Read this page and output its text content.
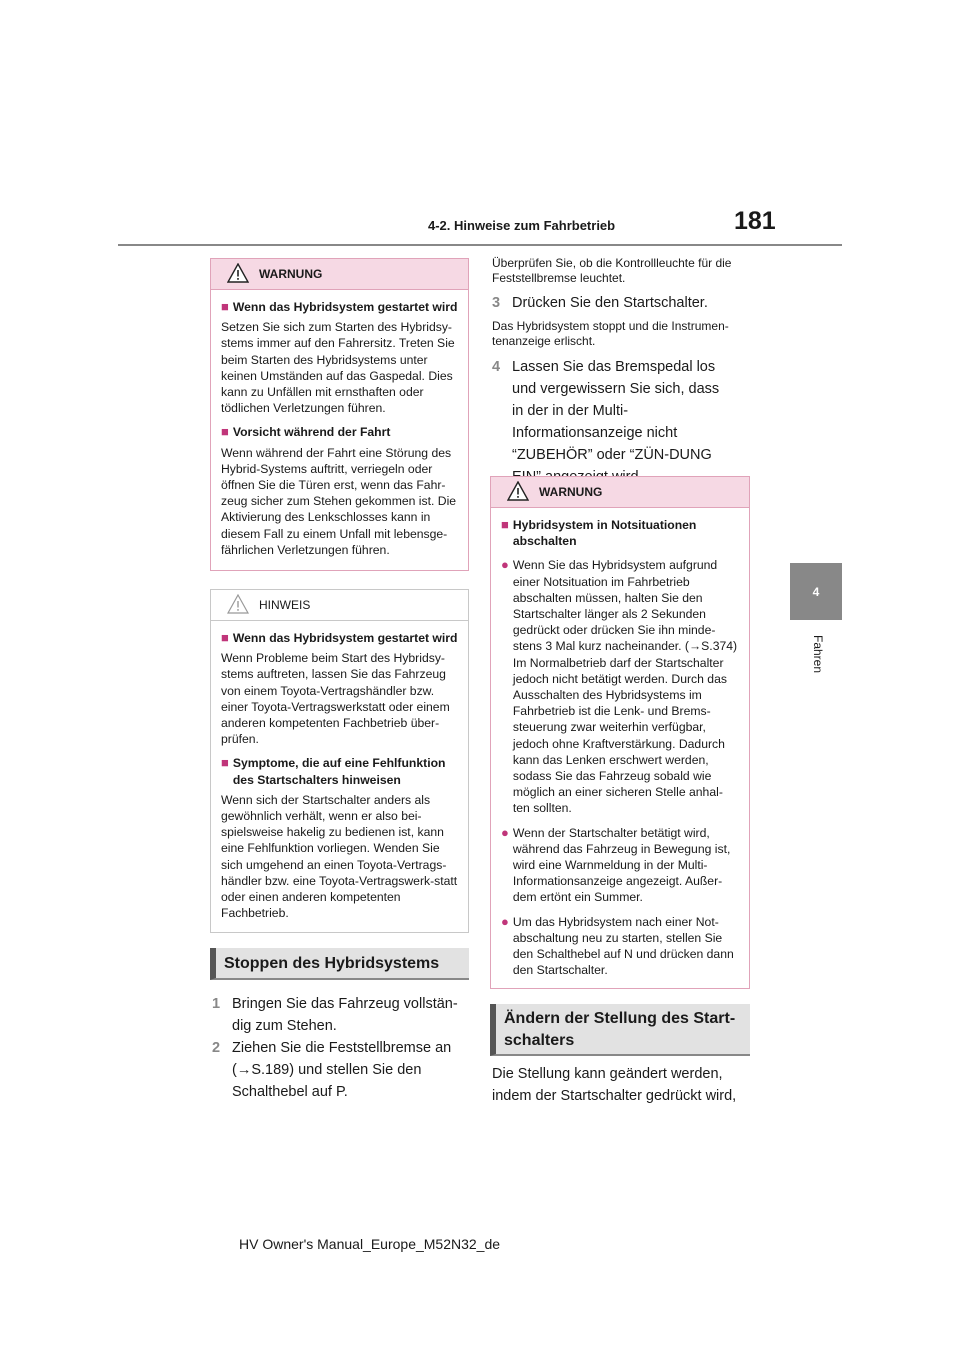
4-2. Hinweise zum Fahrbetrieb	181
4
Fahren
WARNUNG
■ Wenn das Hybridsystem gestartet wird
Setzen Sie sich zum Starten des Hybridsy-stems immer auf den Fahrersitz. Treten Sie beim Starten des Hybridsystems unter keinen Umständen auf das Gaspedal. Dies kann zu Unfällen mit ernsthaften oder tödlichen Verletzungen führen.
■ Vorsicht während der Fahrt
Wenn während der Fahrt eine Störung des Hybrid-Systems auftritt, verriegeln oder öffnen Sie die Türen erst, wenn das Fahr-zeug sicher zum Stehen gekommen ist. Die Aktivierung des Lenkschlosses kann in diesem Fall zu einem Unfall mit lebensge-fährlichen Verletzungen führen.
HINWEIS
■ Wenn das Hybridsystem gestartet wird
Wenn Probleme beim Start des Hybridsy-stems auftreten, lassen Sie das Fahrzeug von einem Toyota-Vertragshändler bzw. einer Toyota-Vertragswerkstatt oder einem anderen kompetenten Fachbetrieb über-prüfen.
■ Symptome, die auf eine Fehlfunktion des Startschalters hinweisen
Wenn sich der Startschalter anders als gewöhnlich verhält, wenn er also bei-spielsweise hakelig zu bedienen ist, kann eine Fehlfunktion vorliegen. Wenden Sie sich umgehend an einen Toyota-Vertrags-händler bzw. eine Toyota-Vertragswerk-statt oder einen anderen kompetenten Fachbetrieb.
Stoppen des Hybridsystems
1 Bringen Sie das Fahrzeug vollstän-dig zum Stehen.
2 Ziehen Sie die Feststellbremse an (→S.189) und stellen Sie den Schalthebel auf P.
Überprüfen Sie, ob die Kontrollleuchte für die Feststellbremse leuchtet.
3 Drücken Sie den Startschalter.
Das Hybridsystem stoppt und die Instrumen-tenanzeige erlischt.
4 Lassen Sie das Bremspedal los und vergewissern Sie sich, dass in der in der Multi-Informationsanzeige nicht “ZUBEHÖR” oder “ZÜN-DUNG
WARNUNG
■ Hybridsystem in Notsituationen abschalten
● Wenn Sie das Hybridsystem aufgrund einer Notsituation im Fahrbetrieb abschalten müssen, halten Sie den Startschalter länger als 2 Sekunden gedrückt oder drücken Sie ihn minde-stens 3 Mal kurz nacheinander. (→S.374) Im Normalbetrieb darf der Startschalter jedoch nicht betätigt werden. Durch das Ausschalten des Hybridsystems im Fahrbetrieb ist die Lenk- und Brems-steuerung zwar weiterhin verfügbar, jedoch ohne Kraftverstärkung. Dadurch kann das Lenken erschwert werden, sodass Sie das Fahrzeug sobald wie möglich an einer sicheren Stelle anhal-ten sollten.
● Wenn der Startschalter betätigt wird, während das Fahrzeug in Bewegung ist, wird eine Warnmeldung in der Multi-Informationsanzeige angezeigt. Außer-dem ertönt ein Summer.
● Um das Hybridsystem nach einer Not-abschaltung neu zu starten, stellen Sie den Schalthebel auf N und drücken dann den Startschalter.
Ändern der Stellung des Start-schalters
Die Stellung kann geändert werden, indem der Startschalter gedrückt wird,
HV Owner's Manual_Europe_M52N32_de
